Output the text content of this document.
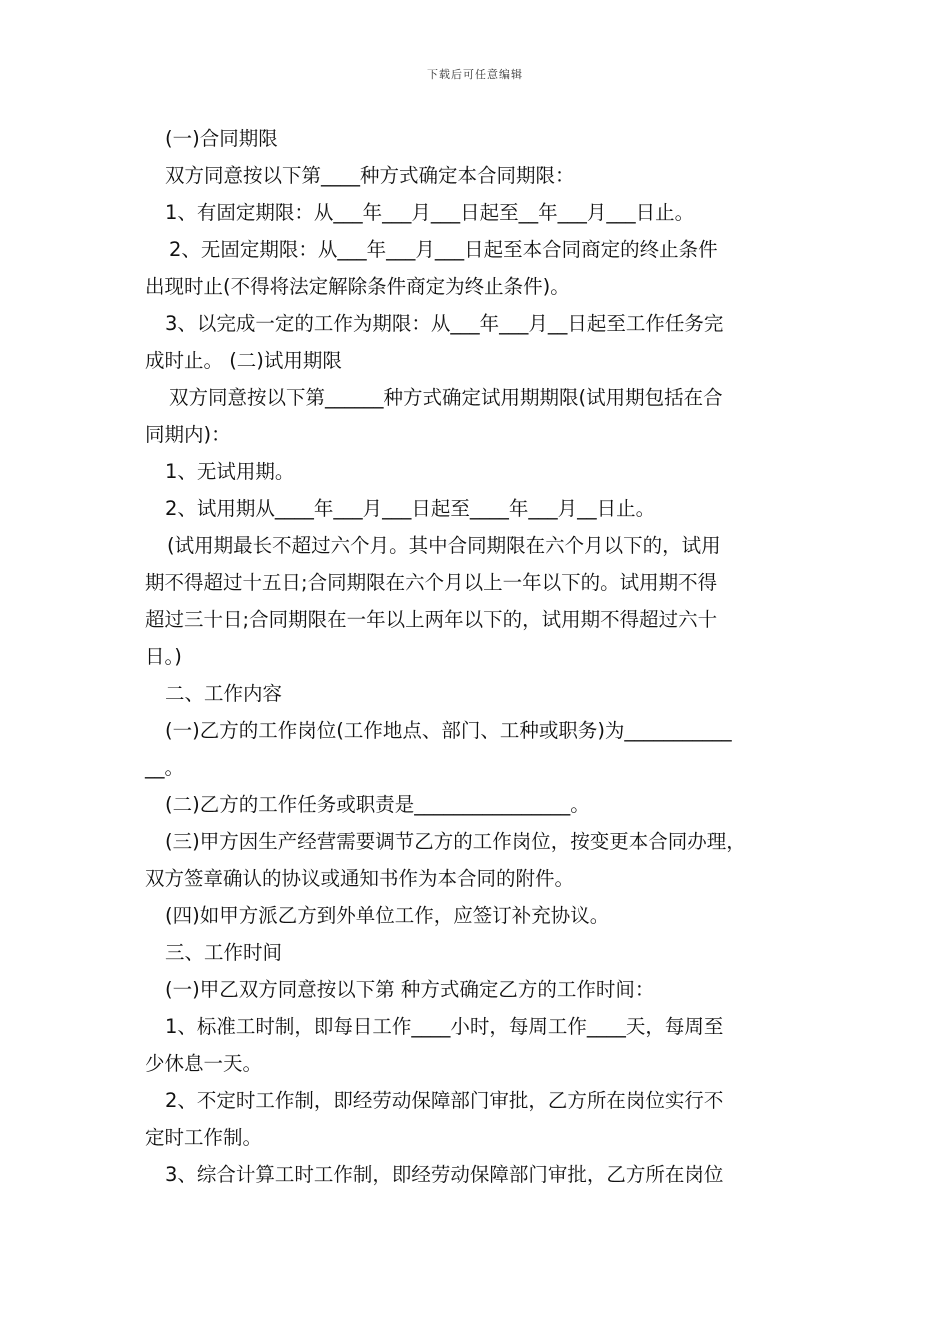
下载后可任意编辑
(一)合同期限
双方同意按以下第____种方式确定本合同期限：
1、有固定期限：从___年___月___日起至__年___月___日止。
2、无固定期限：从___年___月___日起至本合同商定的终止条件
出现时止(不得将法定解除条件商定为终止条件)。
3、以完成一定的工作为期限：从___年___月__日起至工作任务完
成时止。 (二)试用期限
双方同意按以下第______种方式确定试用期期限(试用期包括在合
同期内)：
1、无试用期。
2、试用期从____年___月___日起至____年___月__日止。
(试用期最长不超过六个月。其中合同期限在六个月以下的，试用
期不得超过十五日;合同期限在六个月以上一年以下的。试用期不得
超过三十日;合同期限在一年以上两年以下的，试用期不得超过六十
日。)
二、工作内容
(一)乙方的工作岗位(工作地点、部门、工种或职务)为___________
__。
(二)乙方的工作任务或职责是________________。
(三)甲方因生产经营需要调节乙方的工作岗位，按变更本合同办理，
双方签章确认的协议或通知书作为本合同的附件。
(四)如甲方派乙方到外单位工作，应签订补充协议。
三、工作时间
(一)甲乙双方同意按以下第 种方式确定乙方的工作时间：
1、标准工时制，即每日工作____小时，每周工作____天，每周至
少休息一天。
2、不定时工作制，即经劳动保障部门审批，乙方所在岗位实行不
定时工作制。
3、综合计算工时工作制，即经劳动保障部门审批，乙方所在岗位
